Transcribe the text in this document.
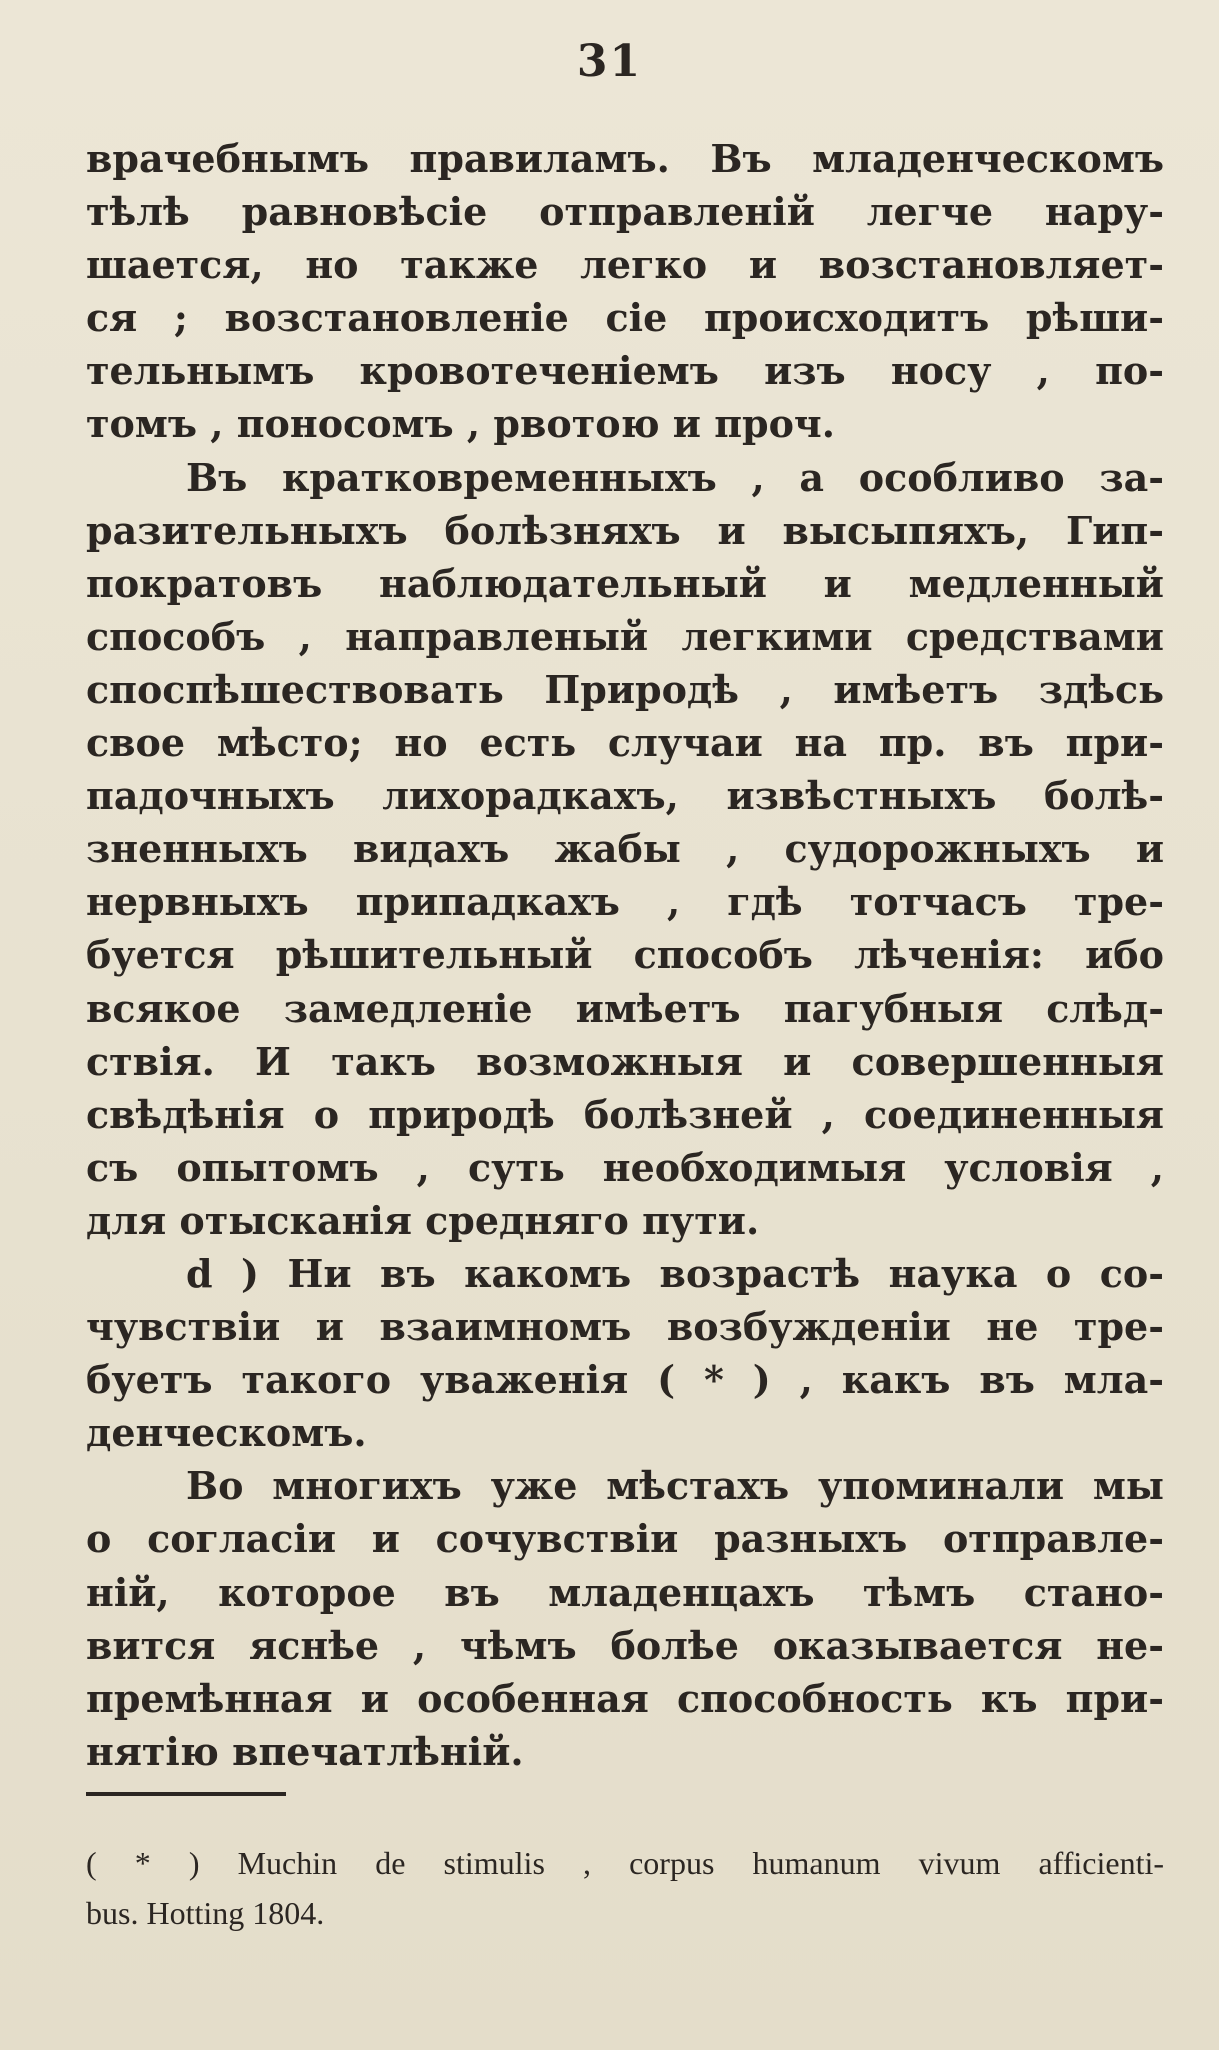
31
врачебнымъ правиламъ. Въ младенческомъ
тѣлѣ равновѣсіе отправленій легче нару-
шается, но также легко и возстановляет-
ся ; возстановленіе сіе происходитъ рѣши-
тельнымъ кровотеченіемъ изъ носу , по-
томъ , поносомъ , рвотою и проч.
Въ кратковременныхъ , а особливо за-
разительныхъ болѣзняхъ и высыпяхъ, Гип-
пократовъ наблюдательный и медленный
способъ , направленый легкими средствами
споспѣшествовать Природѣ , имѣетъ здѣсь
свое мѣсто; но есть случаи на пр. въ при-
падочныхъ лихорадкахъ, извѣстныхъ болѣ-
зненныхъ видахъ жабы , судорожныхъ и
нервныхъ припадкахъ , гдѣ тотчасъ тре-
буется рѣшительный способъ лѣченія: ибо
всякое замедленіе имѣетъ пагубныя слѣд-
ствія. И такъ возможныя и совершенныя
свѣдѣнія о природѣ болѣзней , соединенныя
съ опытомъ , суть необходимыя условія ,
для отысканія средняго пути.
d ) Ни въ какомъ возрастѣ наука о со-
чувствіи и взаимномъ возбужденіи не тре-
буетъ такого уваженія ( * ) , какъ въ мла-
денческомъ.
Во многихъ уже мѣстахъ упоминали мы
о согласіи и сочувствіи разныхъ отправле-
ній, которое въ младенцахъ тѣмъ стано-
вится яснѣе , чѣмъ болѣе оказывается не-
премѣнная и особенная способность къ при-
нятію впечатлѣній.
( * ) Muchin de stimulis , corpus humanum vivum afficienti-
bus. Hotting 1804.
